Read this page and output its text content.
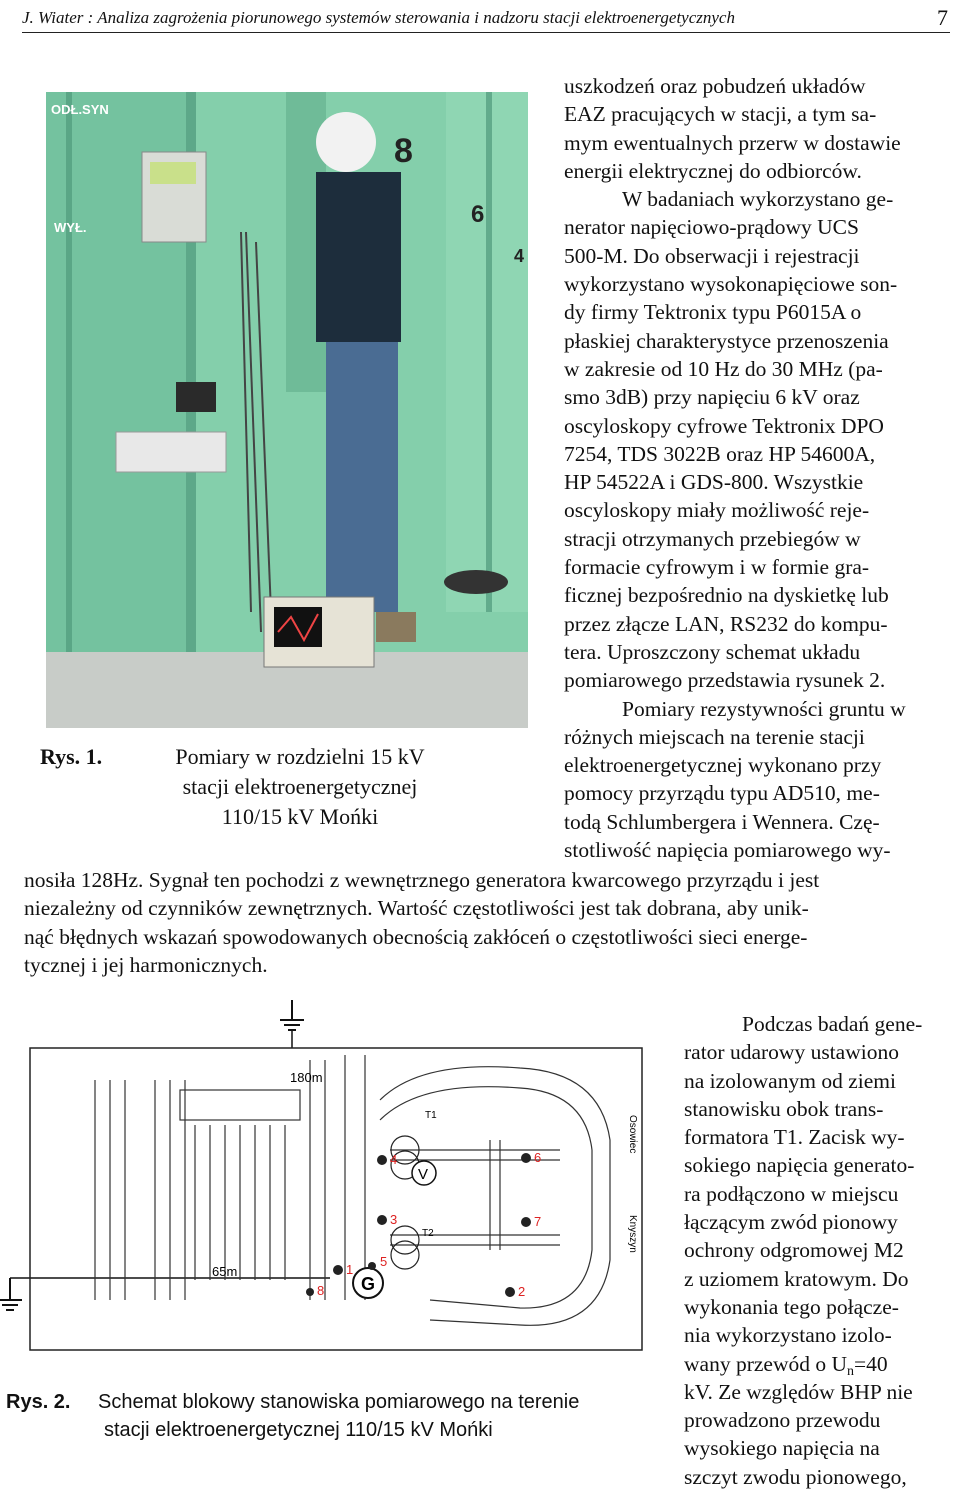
J. Wiater : Analiza zagrożenia piorunowego systemów sterowania i nadzoru stacji elektroenergetycznych	7
ODŁ.SYN
WYŁ.
8
6
4
Rys. 1.	Pomiary w rozdzielni 15 kV
stacji elektroenergetycznej
110/15 kV Mońki
uszkodzeń oraz pobudzeń układów
EAZ pracujących w stacji, a tym sa-
mym ewentualnych przerw w dostawie
energii elektrycznej do odbiorców.
W badaniach wykorzystano ge-
nerator napięciowo-prądowy UCS
500-M. Do obserwacji i rejestracji
wykorzystano wysokonapięciowe son-
dy firmy Tektronix typu P6015A o
płaskiej charakterystyce przenoszenia
w zakresie od 10 Hz do 30 MHz (pa-
smo 3dB) przy napięciu 6 kV oraz
oscyloskopy cyfrowe Tektronix DPO
7254, TDS 3022B oraz HP 54600A,
HP 54522A i GDS-800. Wszystkie
oscyloskopy miały możliwość reje-
stracji otrzymanych przebiegów w
formacie cyfrowym i w formie gra-
ficznej bezpośrednio na dyskietkę lub
przez złącze LAN, RS232 do kompu-
tera. Uproszczony schemat układu
pomiarowego przedstawia rysunek 2.
Pomiary rezystywności gruntu w
różnych miejscach na terenie stacji
elektroenergetycznej wykonano przy
pomocy przyrządu typu AD510, me-
todą Schlumbergera i Wennera. Czę-
stotliwość napięcia pomiarowego wy-
nosiła 128Hz. Sygnał ten pochodzi z wewnętrznego generatora kwarcowego przyrządu i jest
niezależny od czynników zewnętrznych. Wartość częstotliwości jest tak dobrana, aby unik-
nąć błędnych wskazań spowodowanych obecnością zakłóceń o częstotliwości sieci energe-
tycznej i jej harmonicznych.
G
V
180m
65m
T1
T2
Osowiec
Knyszyn
1
2
3
4
5
6
7
8
Rys. 2. Schemat blokowy stanowiska pomiarowego na terenie
stacji elektroenergetycznej 110/15 kV Mońki
Podczas badań gene-
rator udarowy ustawiono
na izolowanym od ziemi
stanowisku obok trans-
formatora T1. Zacisk wy-
sokiego napięcia generato-
ra podłączono w miejscu
łączącym zwód pionowy
ochrony odgromowej M2
z uziomem kratowym. Do
wykonania tego połącze-
nia wykorzystano izolo-
wany przewód o $U_n=40$
kV. Ze względów BHP nie
prowadzono przewodu
wysokiego napięcia na
szczyt zwodu pionowego,
